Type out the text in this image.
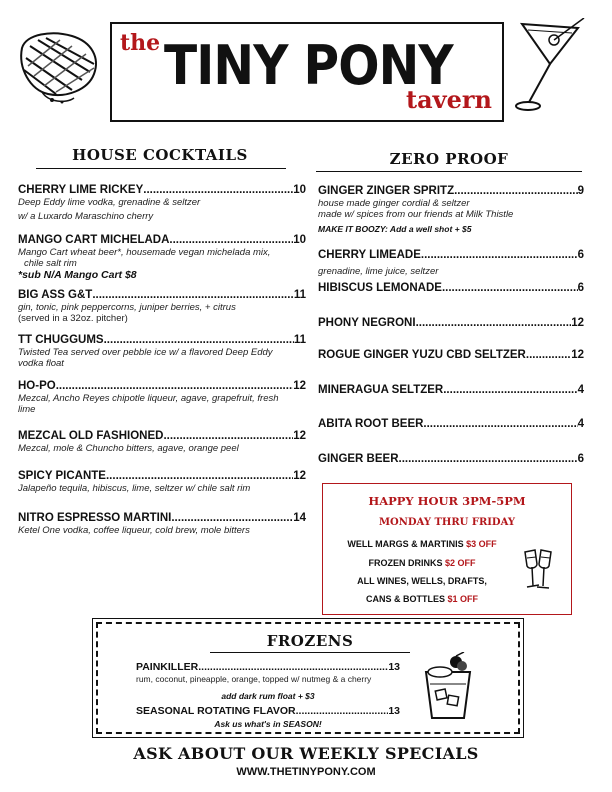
the TINY PONY
tavern
HOUSE COCKTAILS	ZERO PROOF
CHERRY LIME RICKEY .....	10
Deep Eddy lime vodka, grenadine & seltzer
w/ a Luxardo Maraschino cherry
MANGO CART MICHELADA .....	10
Mango Cart wheat beer*, housemade vegan michelada mix,
chile salt rim
*sub N/A Mango Cart $8
BIG ASS G&T .....	11
gin, tonic, pink peppercorns, juniper berries, + citrus
(served in a 32oz. pitcher)
TT CHUGGUMS .....	11
Twisted Tea served over pebble ice w/ a flavored Deep Eddy
vodka float
HO-PO .....	12
Mezcal, Ancho Reyes chipotle liqueur, agave, grapefruit, fresh
lime
MEZCAL OLD FASHIONED .....	12
Mezcal, mole & Chuncho bitters, agave, orange peel
SPICY PICANTE .....	12
Jalapeño tequila, hibiscus, lime, seltzer w/ chile salt rim
NITRO ESPRESSO MARTINI .....	14
Ketel One vodka, coffee liqueur, cold brew, mole bitters
GINGER ZINGER SPRITZ .....	9
house made ginger cordial & seltzer
made w/ spices from our friends at Milk Thistle
MAKE IT BOOZY: Add a well shot + $5
CHERRY LIMEADE .....	6
grenadine, lime juice, seltzer
HIBISCUS LEMONADE .....	6
PHONY NEGRONI .....	12
ROGUE GINGER YUZU CBD SELTZER .....	12
MINERAGUA SELTZER .....	4
ABITA ROOT BEER .....	4
GINGER BEER .....	6
HAPPY HOUR 3PM-5PM
MONDAY THRU FRIDAY
WELL MARGS & MARTINIS $3 OFF
FROZEN DRINKS $2 OFF
ALL WINES, WELLS, DRAFTS,
CANS & BOTTLES $1 OFF
FROZENS
PAINKILLER .....	13
rum, coconut, pineapple, orange, topped w/ nutmeg & a cherry
add dark rum float + $3
SEASONAL ROTATING FLAVOR .....	13
Ask us what's in SEASON!
ASK ABOUT OUR WEEKLY SPECIALS
WWW.THETINYPONY.COM
